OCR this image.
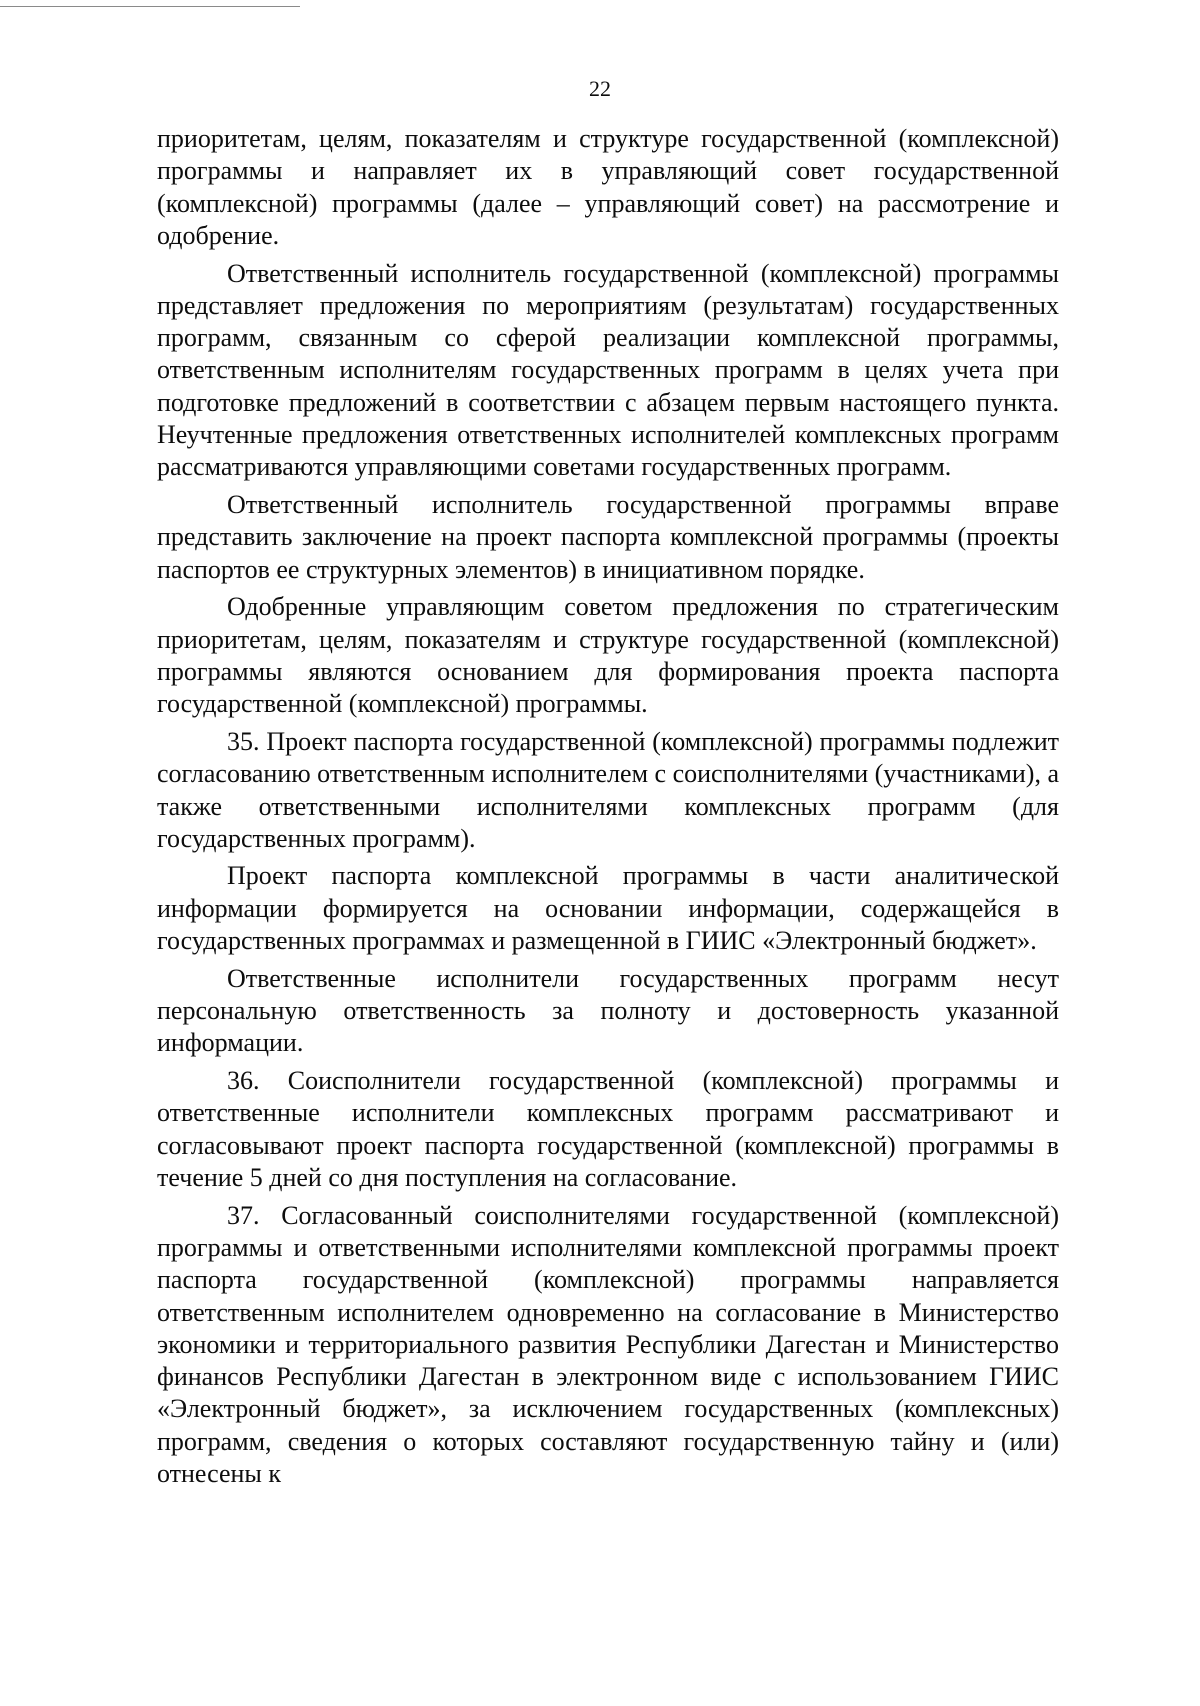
22

приоритетам, целям, показателям и структуре государственной (комплексной) программы и направляет их в управляющий совет государственной (комплексной) программы (далее – управляющий совет) на рассмотрение и одобрение.

Ответственный исполнитель государственной (комплексной) программы представляет предложения по мероприятиям (результатам) государственных программ, связанным со сферой реализации комплексной программы, ответственным исполнителям государственных программ в целях учета при подготовке предложений в соответствии с абзацем первым настоящего пункта. Неучтенные предложения ответственных исполнителей комплексных программ рассматриваются управляющими советами государственных программ.

Ответственный исполнитель государственной программы вправе представить заключение на проект паспорта комплексной программы (проекты паспортов ее структурных элементов) в инициативном порядке.

Одобренные управляющим советом предложения по стратегическим приоритетам, целям, показателям и структуре государственной (комплексной) программы являются основанием для формирования проекта паспорта государственной (комплексной) программы.

35. Проект паспорта государственной (комплексной) программы подлежит согласованию ответственным исполнителем с соисполнителями (участниками), а также ответственными исполнителями комплексных программ (для государственных программ).

Проект паспорта комплексной программы в части аналитической информации формируется на основании информации, содержащейся в государственных программах и размещенной в ГИИС «Электронный бюджет».

Ответственные исполнители государственных программ несут персональную ответственность за полноту и достоверность указанной информации.

36. Соисполнители государственной (комплексной) программы и ответственные исполнители комплексных программ рассматривают и согласовывают проект паспорта государственной (комплексной) программы в течение 5 дней со дня поступления на согласование.

37. Согласованный соисполнителями государственной (комплексной) программы и ответственными исполнителями комплексной программы проект паспорта государственной (комплексной) программы направляется ответственным исполнителем одновременно на согласование в Министерство экономики и территориального развития Республики Дагестан и Министерство финансов Республики Дагестан в электронном виде с использованием ГИИС «Электронный бюджет», за исключением государственных (комплексных) программ, сведения о которых составляют государственную тайну и (или) отнесены к
